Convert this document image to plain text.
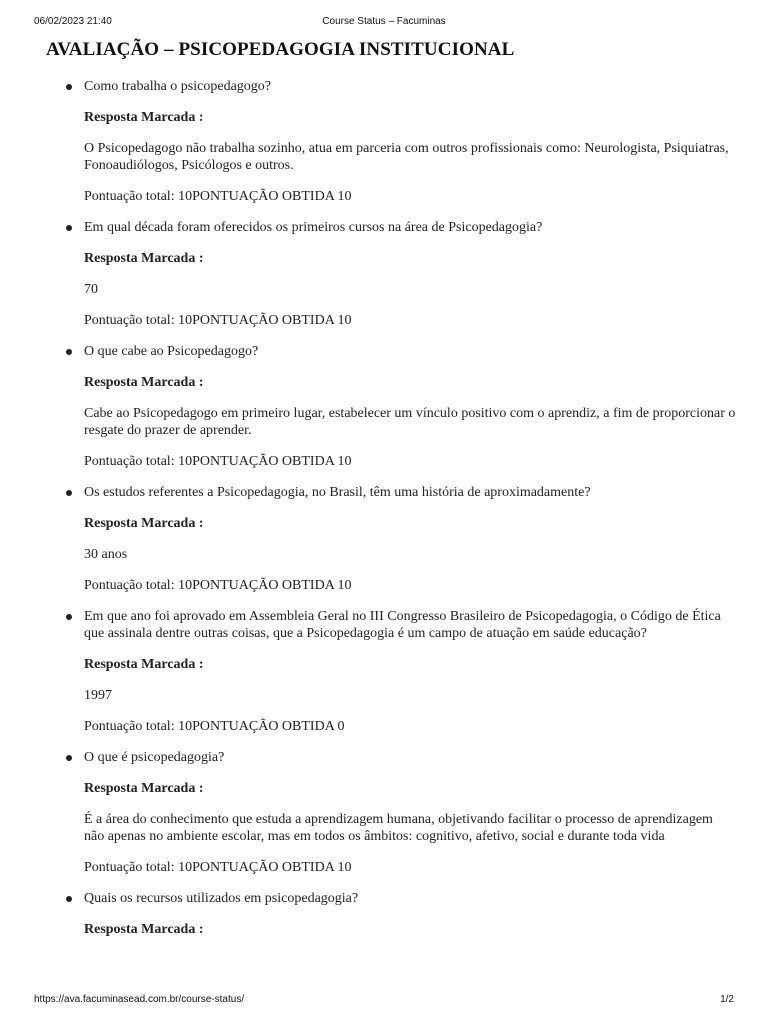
06/02/2023 21:40	Course Status – Facuminas
AVALIAÇÃO – PSICOPEDAGOGIA INSTITUCIONAL

Como trabalha o psicopedagogo?

Resposta Marcada :

O Psicopedagogo não trabalha sozinho, atua em parceria com outros profissionais como: Neurologista, Psiquiatras, Fonoaudiólogos, Psicólogos e outros.

Pontuação total: 10PONTUAÇÃO OBTIDA 10

Em qual década foram oferecidos os primeiros cursos na área de Psicopedagogia?

Resposta Marcada :

70

Pontuação total: 10PONTUAÇÃO OBTIDA 10

O que cabe ao Psicopedagogo?

Resposta Marcada :

Cabe ao Psicopedagogo em primeiro lugar, estabelecer um vínculo positivo com o aprendiz, a fim de proporcionar o resgate do prazer de aprender.

Pontuação total: 10PONTUAÇÃO OBTIDA 10

Os estudos referentes a Psicopedagogia, no Brasil, têm uma história de aproximadamente?

Resposta Marcada :

30 anos

Pontuação total: 10PONTUAÇÃO OBTIDA 10

Em que ano foi aprovado em Assembleia Geral no III Congresso Brasileiro de Psicopedagogia, o Código de Ética que assinala dentre outras coisas, que a Psicopedagogia é um campo de atuação em saúde educação?

Resposta Marcada :

1997

Pontuação total: 10PONTUAÇÃO OBTIDA 0

O que é psicopedagogia?

Resposta Marcada :

É a área do conhecimento que estuda a aprendizagem humana, objetivando facilitar o processo de aprendizagem não apenas no ambiente escolar, mas em todos os âmbitos: cognitivo, afetivo, social e durante toda vida

Pontuação total: 10PONTUAÇÃO OBTIDA 10

Quais os recursos utilizados em psicopedagogia?

Resposta Marcada :

https://ava.facuminasead.com.br/course-status/	1/2
